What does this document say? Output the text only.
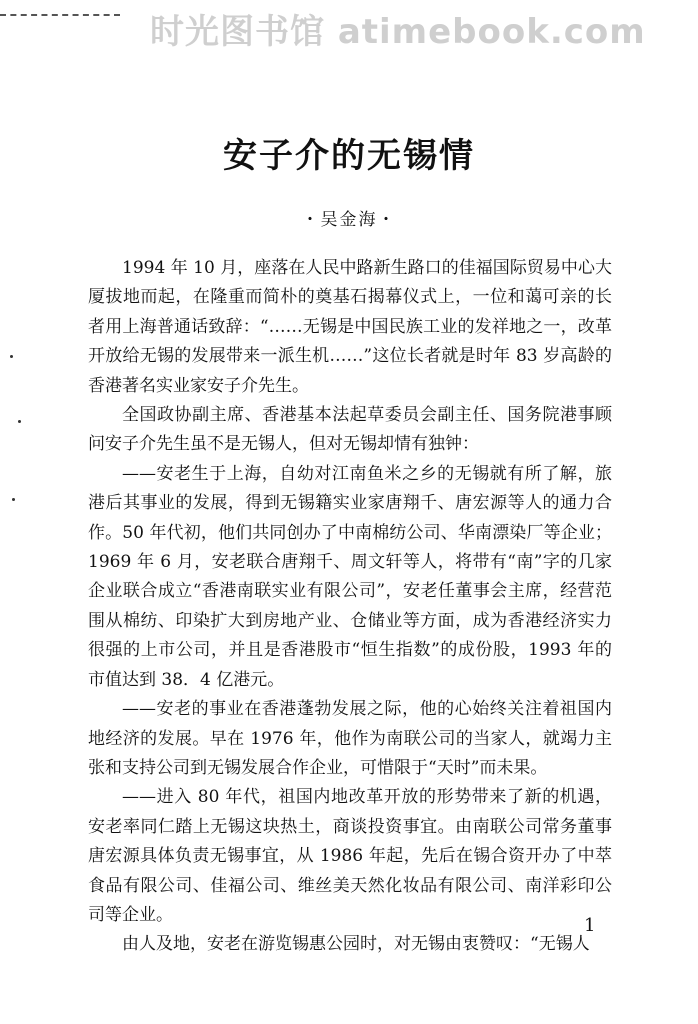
时光图书馆 atimebook.com
安子介的无锡情
・吴金海・

1994 年 10 月，座落在人民中路新生路口的佳福国际贸易中心大厦拔地而起，在隆重而简朴的奠基石揭幕仪式上，一位和蔼可亲的长者用上海普通话致辞：“……无锡是中国民族工业的发祥地之一，改革开放给无锡的发展带来一派生机……”这位长者就是时年 83 岁高龄的香港著名实业家安子介先生。

全国政协副主席、香港基本法起草委员会副主任、国务院港事顾问安子介先生虽不是无锡人，但对无锡却情有独钟：

——安老生于上海，自幼对江南鱼米之乡的无锡就有所了解，旅港后其事业的发展，得到无锡籍实业家唐翔千、唐宏源等人的通力合作。50 年代初，他们共同创办了中南棉纺公司、华南漂染厂等企业；1969 年 6 月，安老联合唐翔千、周文轩等人，将带有“南”字的几家企业联合成立“香港南联实业有限公司”，安老任董事会主席，经营范围从棉纺、印染扩大到房地产业、仓储业等方面，成为香港经济实力很强的上市公司，并且是香港股市“恒生指数”的成份股，1993 年的市值达到 38．4 亿港元。

——安老的事业在香港蓬勃发展之际，他的心始终关注着祖国内地经济的发展。早在 1976 年，他作为南联公司的当家人，就竭力主张和支持公司到无锡发展合作企业，可惜限于“天时”而未果。

——进入 80 年代，祖国内地改革开放的形势带来了新的机遇，安老率同仁踏上无锡这块热土，商谈投资事宜。由南联公司常务董事唐宏源具体负责无锡事宜，从 1986 年起，先后在锡合资开办了中萃食品有限公司、佳福公司、维丝美天然化妆品有限公司、南洋彩印公司等企业。

由人及地，安老在游览锡惠公园时，对无锡由衷赞叹：“无锡人

1
